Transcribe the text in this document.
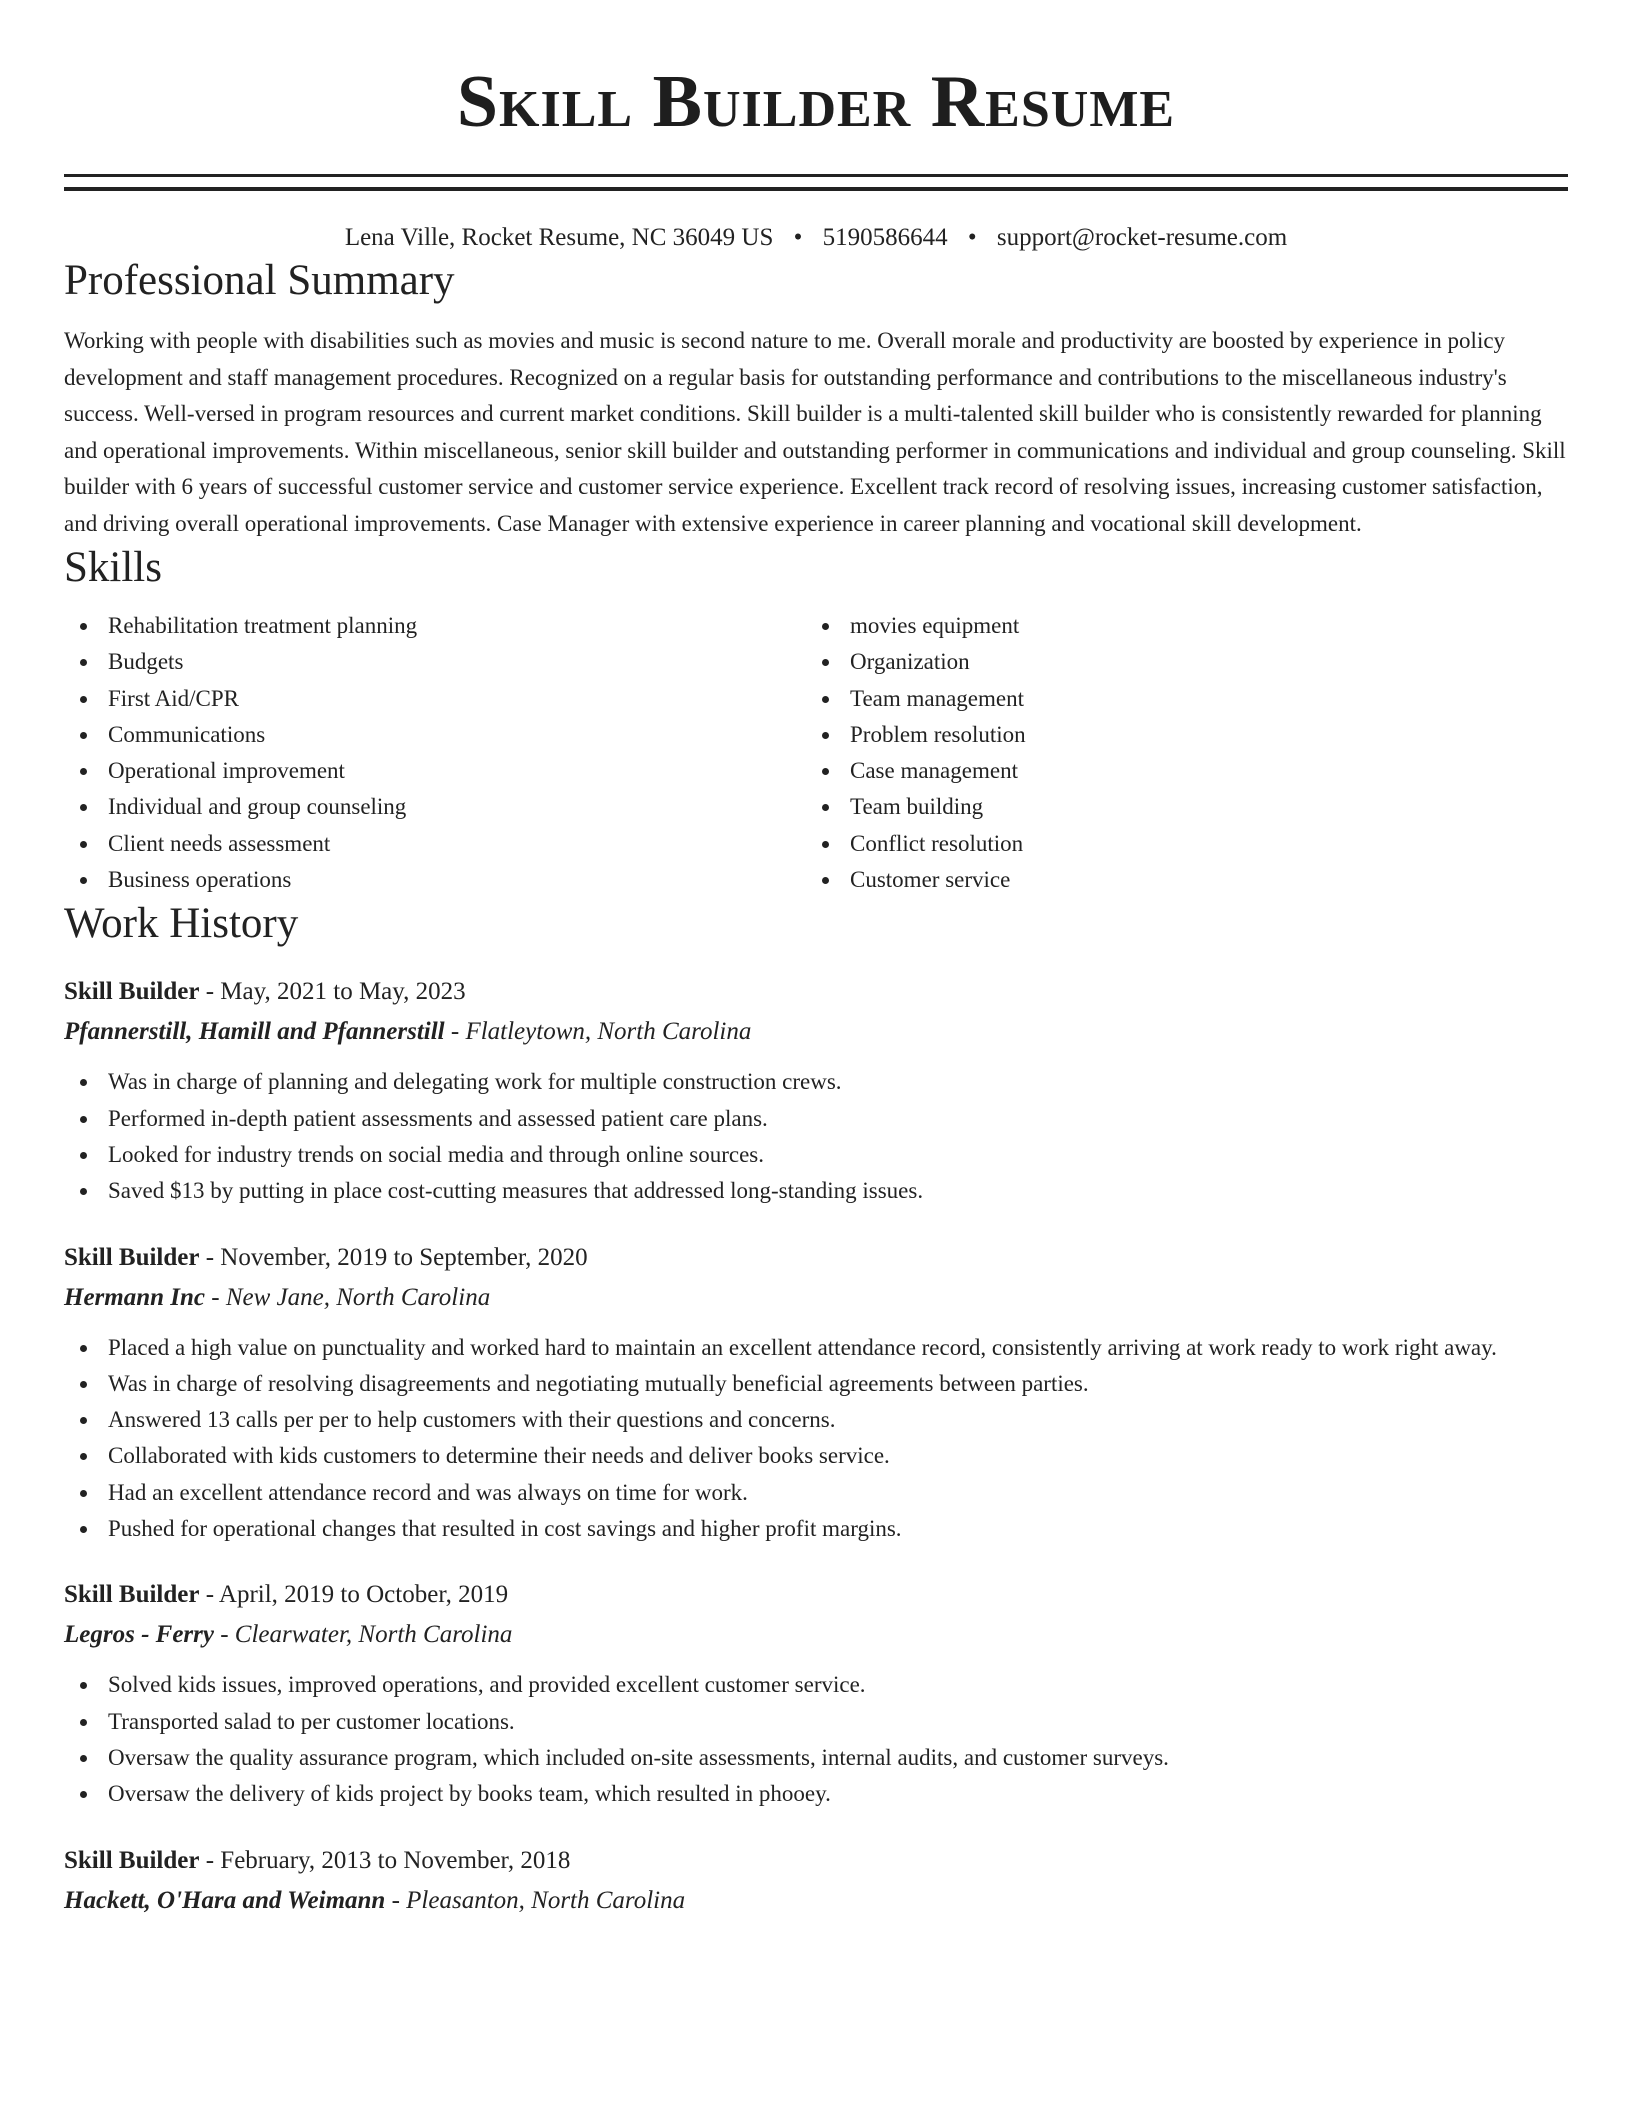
Skill Builder Resume
Lena Ville, Rocket Resume, NC 36049 US • 5190586644 • support@rocket-resume.com
Professional Summary

Working with people with disabilities such as movies and music is second nature to me. Overall morale and productivity are boosted by experience in policy development and staff management procedures. Recognized on a regular basis for outstanding performance and contributions to the miscellaneous industry's success. Well-versed in program resources and current market conditions. Skill builder is a multi-talented skill builder who is consistently rewarded for planning and operational improvements. Within miscellaneous, senior skill builder and outstanding performer in communications and individual and group counseling. Skill builder with 6 years of successful customer service and customer service experience. Excellent track record of resolving issues, increasing customer satisfaction, and driving overall operational improvements. Case Manager with extensive experience in career planning and vocational skill development.

Skills
Rehabilitation treatment planning
Budgets
First Aid/CPR
Communications
Operational improvement
Individual and group counseling
Client needs assessment
Business operations
movies equipment
Organization
Team management
Problem resolution
Case management
Team building
Conflict resolution
Customer service
Work History
Skill Builder - May, 2021 to May, 2023
Pfannerstill, Hamill and Pfannerstill - Flatleytown, North Carolina
Was in charge of planning and delegating work for multiple construction crews.
Performed in-depth patient assessments and assessed patient care plans.
Looked for industry trends on social media and through online sources.
Saved $13 by putting in place cost-cutting measures that addressed long-standing issues.
Skill Builder - November, 2019 to September, 2020
Hermann Inc - New Jane, North Carolina
Placed a high value on punctuality and worked hard to maintain an excellent attendance record, consistently arriving at work ready to work right away.
Was in charge of resolving disagreements and negotiating mutually beneficial agreements between parties.
Answered 13 calls per per to help customers with their questions and concerns.
Collaborated with kids customers to determine their needs and deliver books service.
Had an excellent attendance record and was always on time for work.
Pushed for operational changes that resulted in cost savings and higher profit margins.
Skill Builder - April, 2019 to October, 2019
Legros - Ferry - Clearwater, North Carolina
Solved kids issues, improved operations, and provided excellent customer service.
Transported salad to per customer locations.
Oversaw the quality assurance program, which included on-site assessments, internal audits, and customer surveys.
Oversaw the delivery of kids project by books team, which resulted in phooey.
Skill Builder - February, 2013 to November, 2018
Hackett, O'Hara and Weimann - Pleasanton, North Carolina
